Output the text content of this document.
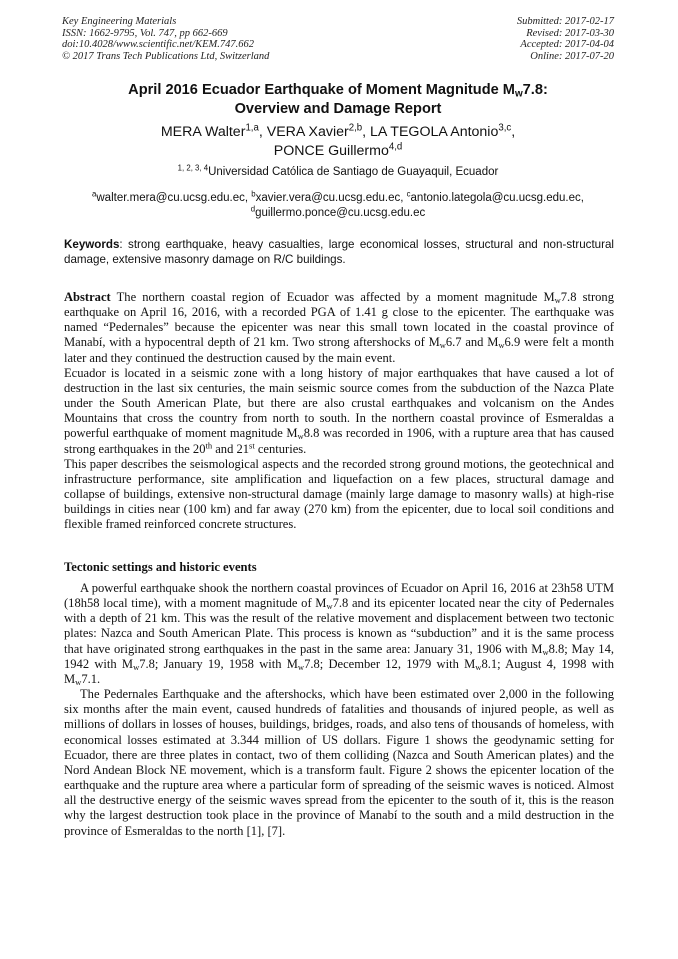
Key Engineering Materials
ISSN: 1662-9795, Vol. 747, pp 662-669
doi:10.4028/www.scientific.net/KEM.747.662
© 2017 Trans Tech Publications Ltd, Switzerland
Submitted: 2017-02-17
Revised: 2017-03-30
Accepted: 2017-04-04
Online: 2017-07-20
April 2016 Ecuador Earthquake of Moment Magnitude $M_w7.8$:
Overview and Damage Report
MERA Walter$^{1,a}$, VERA Xavier$^{2,b}$, LA TEGOLA Antonio$^{3,c}$,
PONCE Guillermo$^{4,d}$
$^{1, 2, 3, 4}$Universidad Católica de Santiago de Guayaquil, Ecuador
$^a$walter.mera@cu.ucsg.edu.ec, $^b$xavier.vera@cu.ucsg.edu.ec, $^c$antonio.lategola@cu.ucsg.edu.ec,
$^d$guillermo.ponce@cu.ucsg.edu.ec
Keywords: strong earthquake, heavy casualties, large economical losses, structural and non-structural damage, extensive masonry damage on R/C buildings.

Abstract The northern coastal region of Ecuador was affected by a moment magnitude $M_w7.8$ strong earthquake on April 16, 2016, with a recorded PGA of 1.41 g close to the epicenter. The earthquake was named “Pedernales” because the epicenter was near this small town located in the coastal province of Manabí, with a hypocentral depth of 21 km. Two strong aftershocks of $M_w6.7$ and $M_w6.9$ were felt a month later and they continued the destruction caused by the main event.

Ecuador is located in a seismic zone with a long history of major earthquakes that have caused a lot of destruction in the last six centuries, the main seismic source comes from the subduction of the Nazca Plate under the South American Plate, but there are also crustal earthquakes and volcanism on the Andes Mountains that cross the country from north to south. In the northern coastal province of Esmeraldas a powerful earthquake of moment magnitude $M_w8.8$ was recorded in 1906, with a rupture area that has caused strong earthquakes in the 20th and 21st centuries.

This paper describes the seismological aspects and the recorded strong ground motions, the geotechnical and infrastructure performance, site amplification and liquefaction on a few places, structural damage and collapse of buildings, extensive non-structural damage (mainly large damage to masonry walls) at high-rise buildings in cities near (100 km) and far away (270 km) from the epicenter, due to local soil conditions and flexible framed reinforced concrete structures.

Tectonic settings and historic events

A powerful earthquake shook the northern coastal provinces of Ecuador on April 16, 2016 at 23h58 UTM (18h58 local time), with a moment magnitude of $M_w7.8$ and its epicenter located near the city of Pedernales with a depth of 21 km. This was the result of the relative movement and displacement between two tectonic plates: Nazca and South American Plate. This process is known as “subduction” and it is the same process that have originated strong earthquakes in the past in the same area: January 31, 1906 with $M_w8.8$; May 14, 1942 with $M_w7.8$; January 19, 1958 with $M_w7.8$; December 12, 1979 with $M_w8.1$; August 4, 1998 with $M_w7.1$.

The Pedernales Earthquake and the aftershocks, which have been estimated over 2,000 in the following six months after the main event, caused hundreds of fatalities and thousands of injured people, as well as millions of dollars in losses of houses, buildings, bridges, roads, and also tens of thousands of homeless, with economical losses estimated at 3.344 million of US dollars. Figure 1 shows the geodynamic setting for Ecuador, there are three plates in contact, two of them colliding (Nazca and South American plates) and the Nord Andean Block NE movement, which is a transform fault. Figure 2 shows the epicenter location of the earthquake and the rupture area where a particular form of spreading of the seismic waves is noticed. Almost all the destructive energy of the seismic waves spread from the epicenter to the south of it, this is the reason why the largest destruction took place in the province of Manabí to the south and a mild destruction in the province of Esmeraldas to the north [1], [7].
